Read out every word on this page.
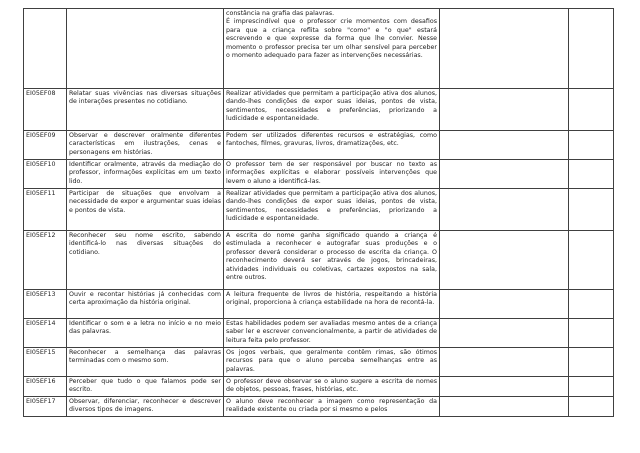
		constância na grafia das palavras.
É imprescindível que o professor crie momentos com desafios para que a criança reflita sobre "como" e "o que" estará escrevendo e que expresse da forma que lhe convier. Nesse momento o professor precisa ter um olhar sensível para perceber o momento adequado para fazer as intervenções necessárias.		
EI05EF08	Relatar suas vivências nas diversas situações de interações presentes no cotidiano.	Realizar atividades que permitam a participação ativa dos alunos, dando-lhes condições de expor suas ideias, pontos de vista, sentimentos, necessidades e preferências, priorizando a ludicidade e espontaneidade.		
EI05EF09	Observar e descrever oralmente diferentes características em ilustrações, cenas e personagens em histórias.	Podem ser utilizados diferentes recursos e estratégias, como fantoches, filmes, gravuras, livros, dramatizações, etc.		
EI05EF10	Identificar oralmente, através da mediação do professor, informações explícitas em um texto lido.	O professor tem de ser responsável por buscar no texto as informações explícitas e elaborar possíveis intervenções que levem o aluno a identificá-las.		
EI05EF11	Participar de situações que envolvam a necessidade de expor e argumentar suas ideias e pontos de vista.	Realizar atividades que permitam a participação ativa dos alunos, dando-lhes condições de expor suas ideias, pontos de vista, sentimentos, necessidades e preferências, priorizando a ludicidade e espontaneidade.		
EI05EF12	Reconhecer seu nome escrito, sabendo identificá-lo nas diversas situações do cotidiano.	A escrita do nome ganha significado quando a criança é estimulada a reconhecer e autografar suas produções e o professor deverá considerar o processo de escrita da criança. O reconhecimento deverá ser através de jogos, brincadeiras, atividades individuais ou coletivas, cartazes expostos na sala, entre outros.		
EI05EF13	Ouvir e recontar histórias já conhecidas com certa aproximação da história original.	A leitura frequente de livros de história, respeitando a história original, proporciona à criança estabilidade na hora de recontá-la.		
EI05EF14	Identificar o som e a letra no início e no meio das palavras.	Estas habilidades podem ser avaliadas mesmo antes de a criança saber ler e escrever convencionalmente, a partir de atividades de leitura feita pelo professor.		
EI05EF15	Reconhecer a semelhança das palavras terminadas com o mesmo som.	Os jogos verbais, que geralmente contêm rimas, são ótimos recursos para que o aluno perceba semelhanças entre as palavras.		
EI05EF16	Perceber que tudo o que falamos pode ser escrito.	O professor deve observar se o aluno sugere a escrita de nomes de objetos, pessoas, frases, histórias, etc.		
EI05EF17	Observar, diferenciar, reconhecer e descrever diversos tipos de imagens.	O aluno deve reconhecer a imagem como representação da realidade existente ou criada por si mesmo e pelos		
